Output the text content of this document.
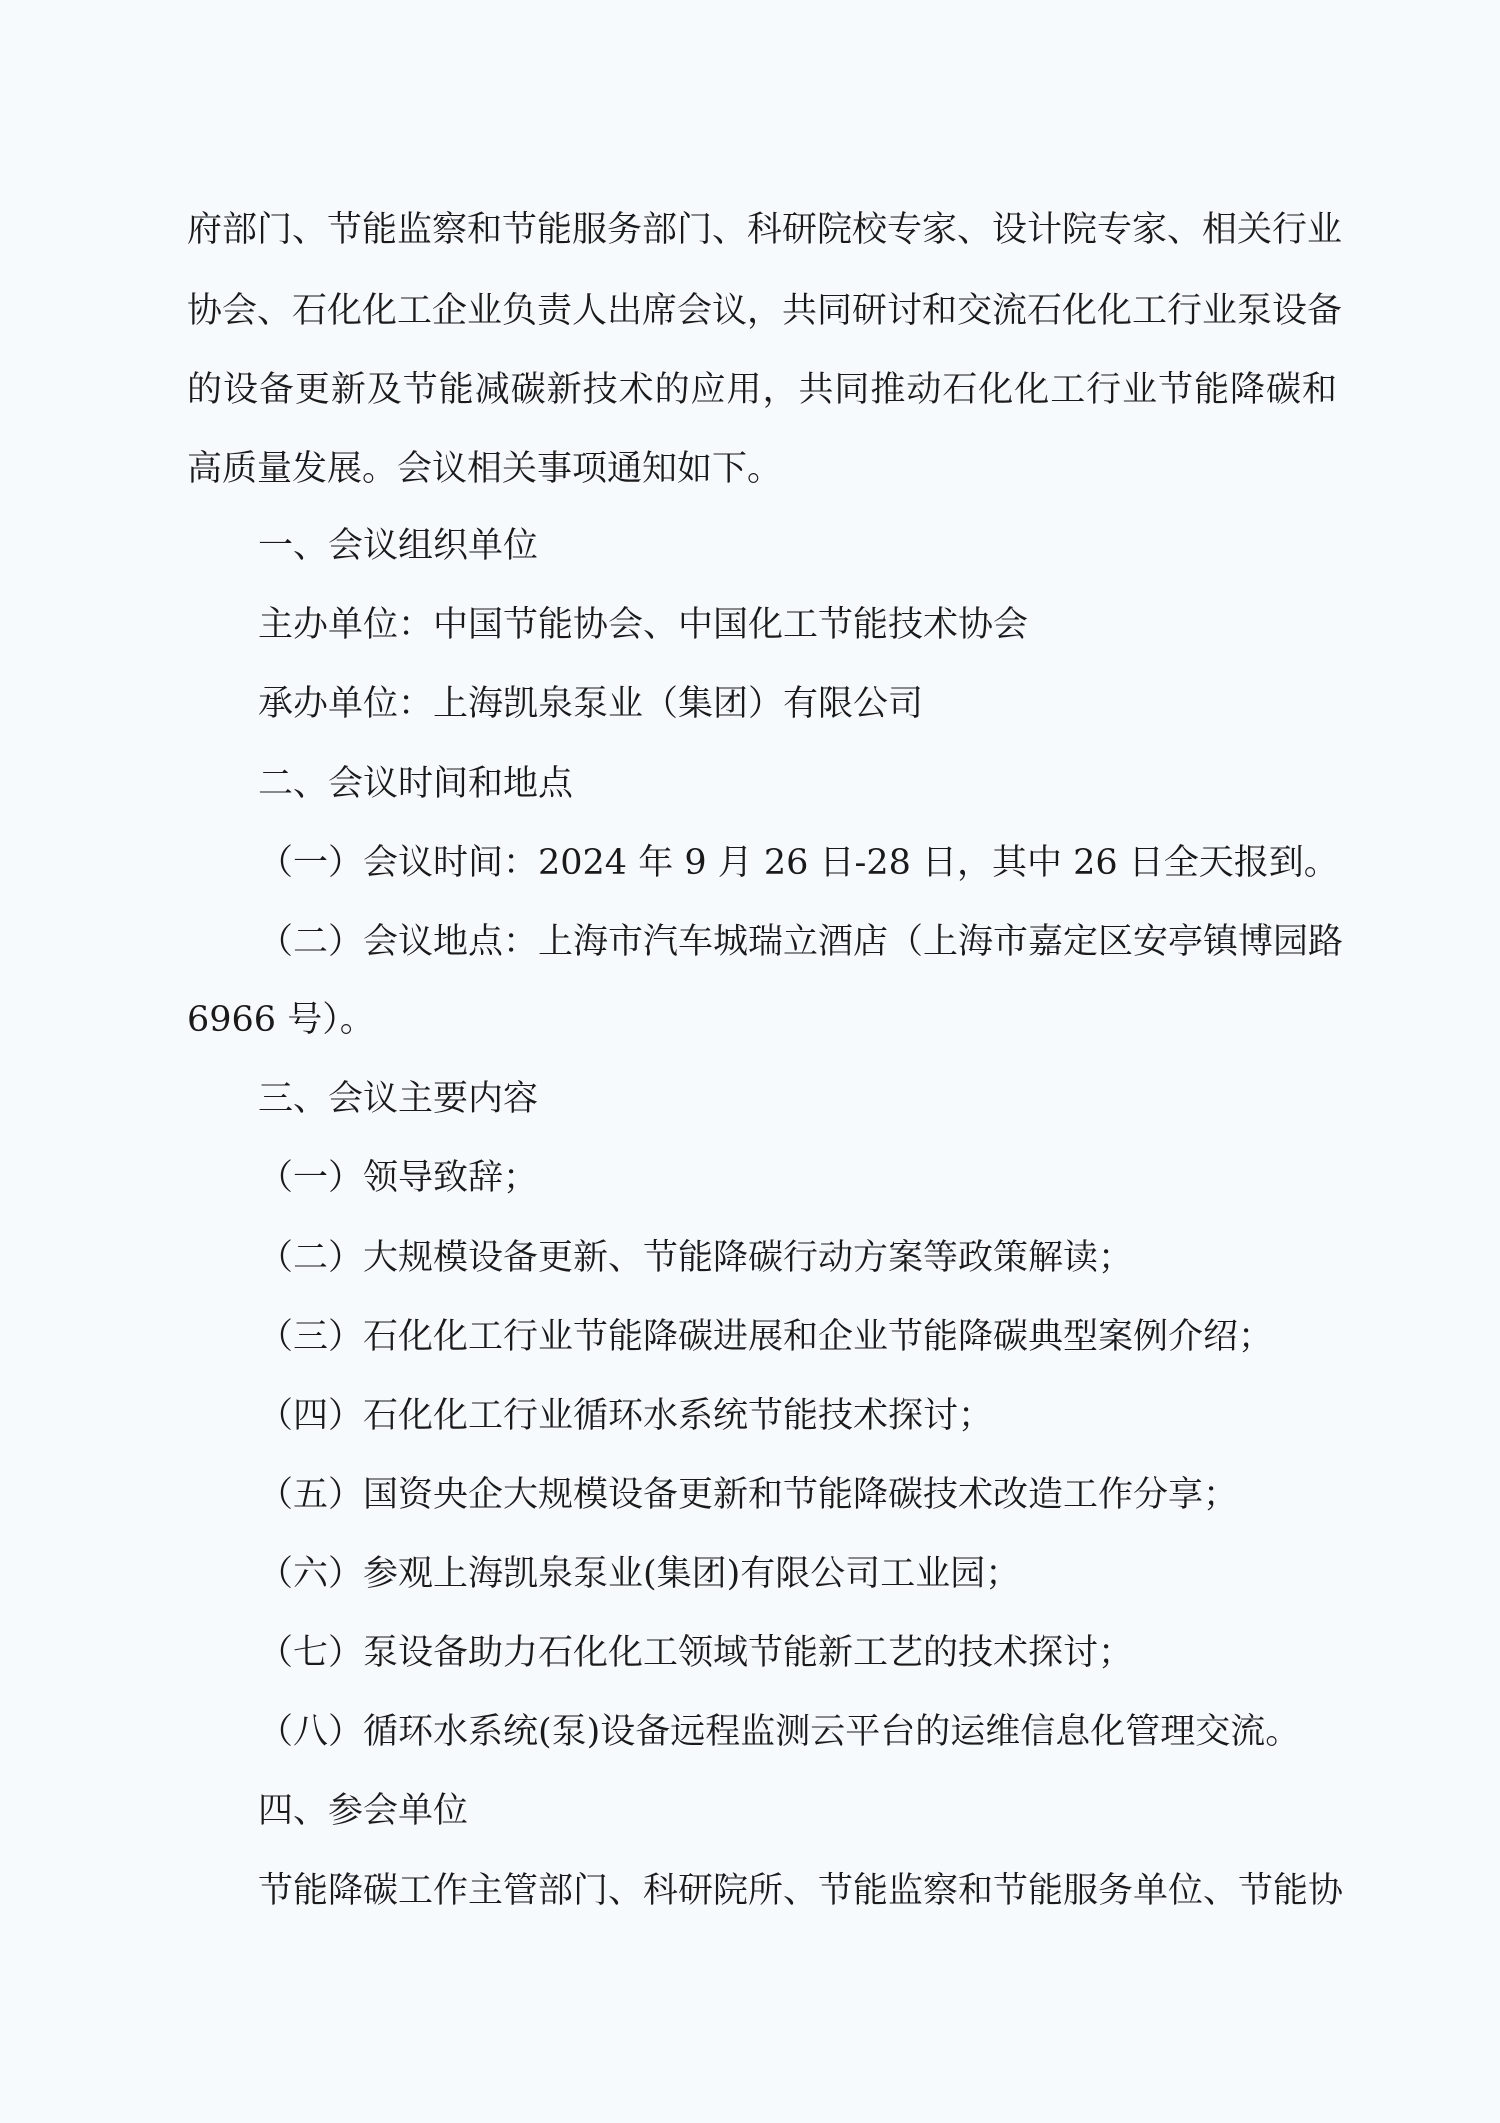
府部门、节能监察和节能服务部门、科研院校专家、设计院专家、相关行业

协会、石化化工企业负责人出席会议，共同研讨和交流石化化工行业泵设备

的设备更新及节能减碳新技术的应用，共同推动石化化工行业节能降碳和

高质量发展。会议相关事项通知如下。

一、会议组织单位

主办单位：中国节能协会、中国化工节能技术协会

承办单位：上海凯泉泵业（集团）有限公司

二、会议时间和地点

（一）会议时间：2024 年 9 月 26 日-28 日，其中 26 日全天报到。

（二）会议地点：上海市汽车城瑞立酒店（上海市嘉定区安亭镇博园路

6966 号）。

三、会议主要内容

（一）领导致辞；

（二）大规模设备更新、节能降碳行动方案等政策解读；

（三）石化化工行业节能降碳进展和企业节能降碳典型案例介绍；

（四）石化化工行业循环水系统节能技术探讨；

（五）国资央企大规模设备更新和节能降碳技术改造工作分享；

（六）参观上海凯泉泵业(集团)有限公司工业园；

（七）泵设备助力石化化工领域节能新工艺的技术探讨；

（八）循环水系统(泵)设备远程监测云平台的运维信息化管理交流。

四、参会单位

节能降碳工作主管部门、科研院所、节能监察和节能服务单位、节能协
